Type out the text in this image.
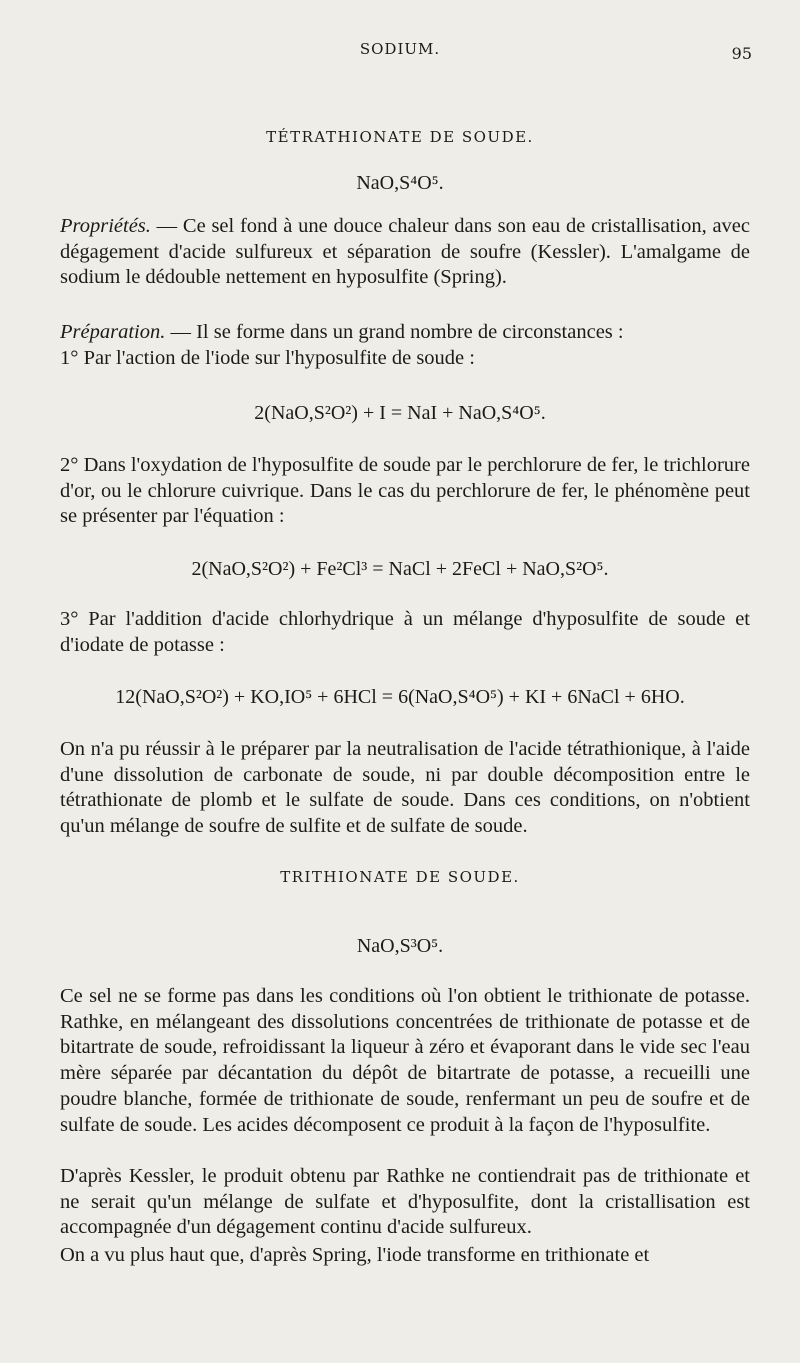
SODIUM.	95
TÉTRATHIONATE DE SOUDE.
NaO,S⁴O⁵.

Propriétés. — Ce sel fond à une douce chaleur dans son eau de cristallisation, avec dégagement d'acide sulfureux et séparation de soufre (Kessler). L'amalgame de sodium le dédouble nettement en hyposulfite (Spring).

Préparation. — Il se forme dans un grand nombre de circonstances :

1° Par l'action de l'iode sur l'hyposulfite de soude :

2(NaO,S²O²) + I = NaI + NaO,S⁴O⁵.

2° Dans l'oxydation de l'hyposulfite de soude par le perchlorure de fer, le trichlorure d'or, ou le chlorure cuivrique. Dans le cas du perchlorure de fer, le phénomène peut se présenter par l'équation :

2(NaO,S²O²) + Fe²Cl³ = NaCl + 2FeCl + NaO,S²O⁵.

3° Par l'addition d'acide chlorhydrique à un mélange d'hyposulfite de soude et d'iodate de potasse :

12(NaO,S²O²) + KO,IO⁵ + 6HCl = 6(NaO,S⁴O⁵) + KI + 6NaCl + 6HO.

On n'a pu réussir à le préparer par la neutralisation de l'acide tétrathionique, à l'aide d'une dissolution de carbonate de soude, ni par double décomposition entre le tétrathionate de plomb et le sulfate de soude. Dans ces conditions, on n'obtient qu'un mélange de soufre de sulfite et de sulfate de soude.

TRITHIONATE DE SOUDE.
NaO,S³O⁵.

Ce sel ne se forme pas dans les conditions où l'on obtient le trithionate de potasse. Rathke, en mélangeant des dissolutions concentrées de trithionate de potasse et de bitartrate de soude, refroidissant la liqueur à zéro et évaporant dans le vide sec l'eau mère séparée par décantation du dépôt de bitartrate de potasse, a recueilli une poudre blanche, formée de trithionate de soude, renfermant un peu de soufre et de sulfate de soude. Les acides décomposent ce produit à la façon de l'hyposulfite.

D'après Kessler, le produit obtenu par Rathke ne contiendrait pas de trithionate et ne serait qu'un mélange de sulfate et d'hyposulfite, dont la cristallisation est accompagnée d'un dégagement continu d'acide sulfureux.

On a vu plus haut que, d'après Spring, l'iode transforme en trithionate et
